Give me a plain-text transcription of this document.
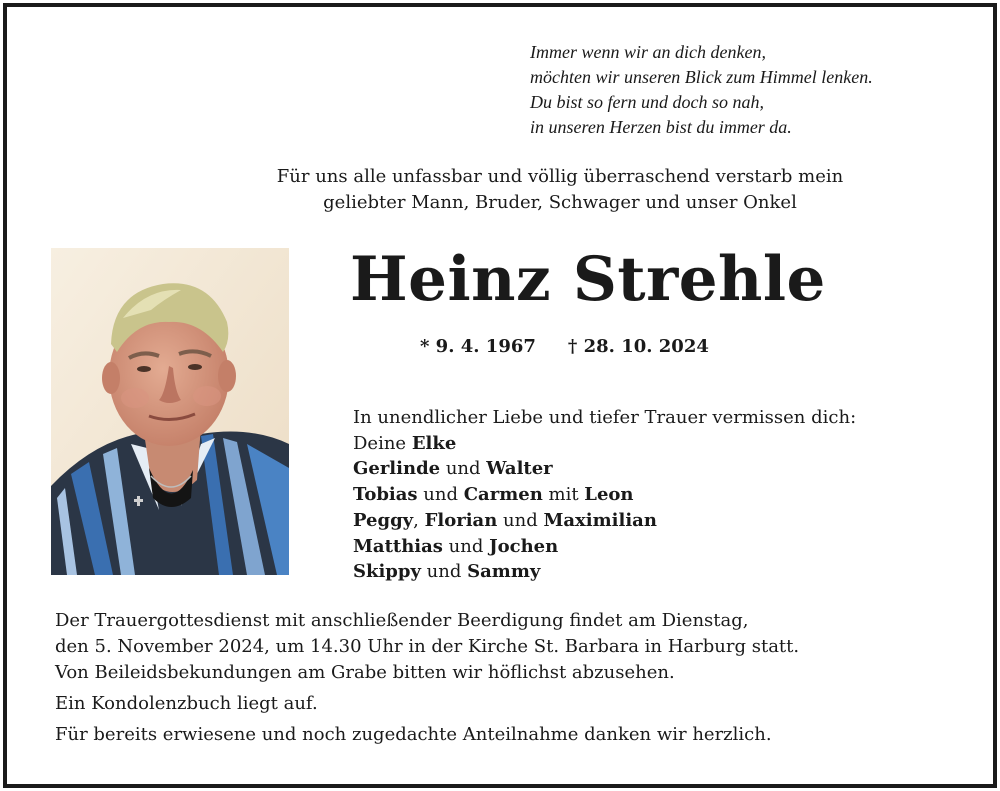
Immer wenn wir an dich denken,
möchten wir unseren Blick zum Himmel lenken.
Du bist so fern und doch so nah,
in unseren Herzen bist du immer da.
Für uns alle unfassbar und völlig überraschend verstarb mein
geliebter Mann, Bruder, Schwager und unser Onkel
Heinz Strehle
* 9. 4. 1967 † 28. 10. 2024
In unendlicher Liebe und tiefer Trauer vermissen dich:
Deine Elke
Gerlinde und Walter
Tobias und Carmen mit Leon
Peggy, Florian und Maximilian
Matthias und Jochen
Skippy und Sammy
Der Trauergottesdienst mit anschließender Beerdigung findet am Dienstag,
den 5. November 2024, um 14.30 Uhr in der Kirche St. Barbara in Harburg statt.
Von Beileidsbekundungen am Grabe bitten wir höflichst abzusehen.
Ein Kondolenzbuch liegt auf.
Für bereits erwiesene und noch zugedachte Anteilnahme danken wir herzlich.
